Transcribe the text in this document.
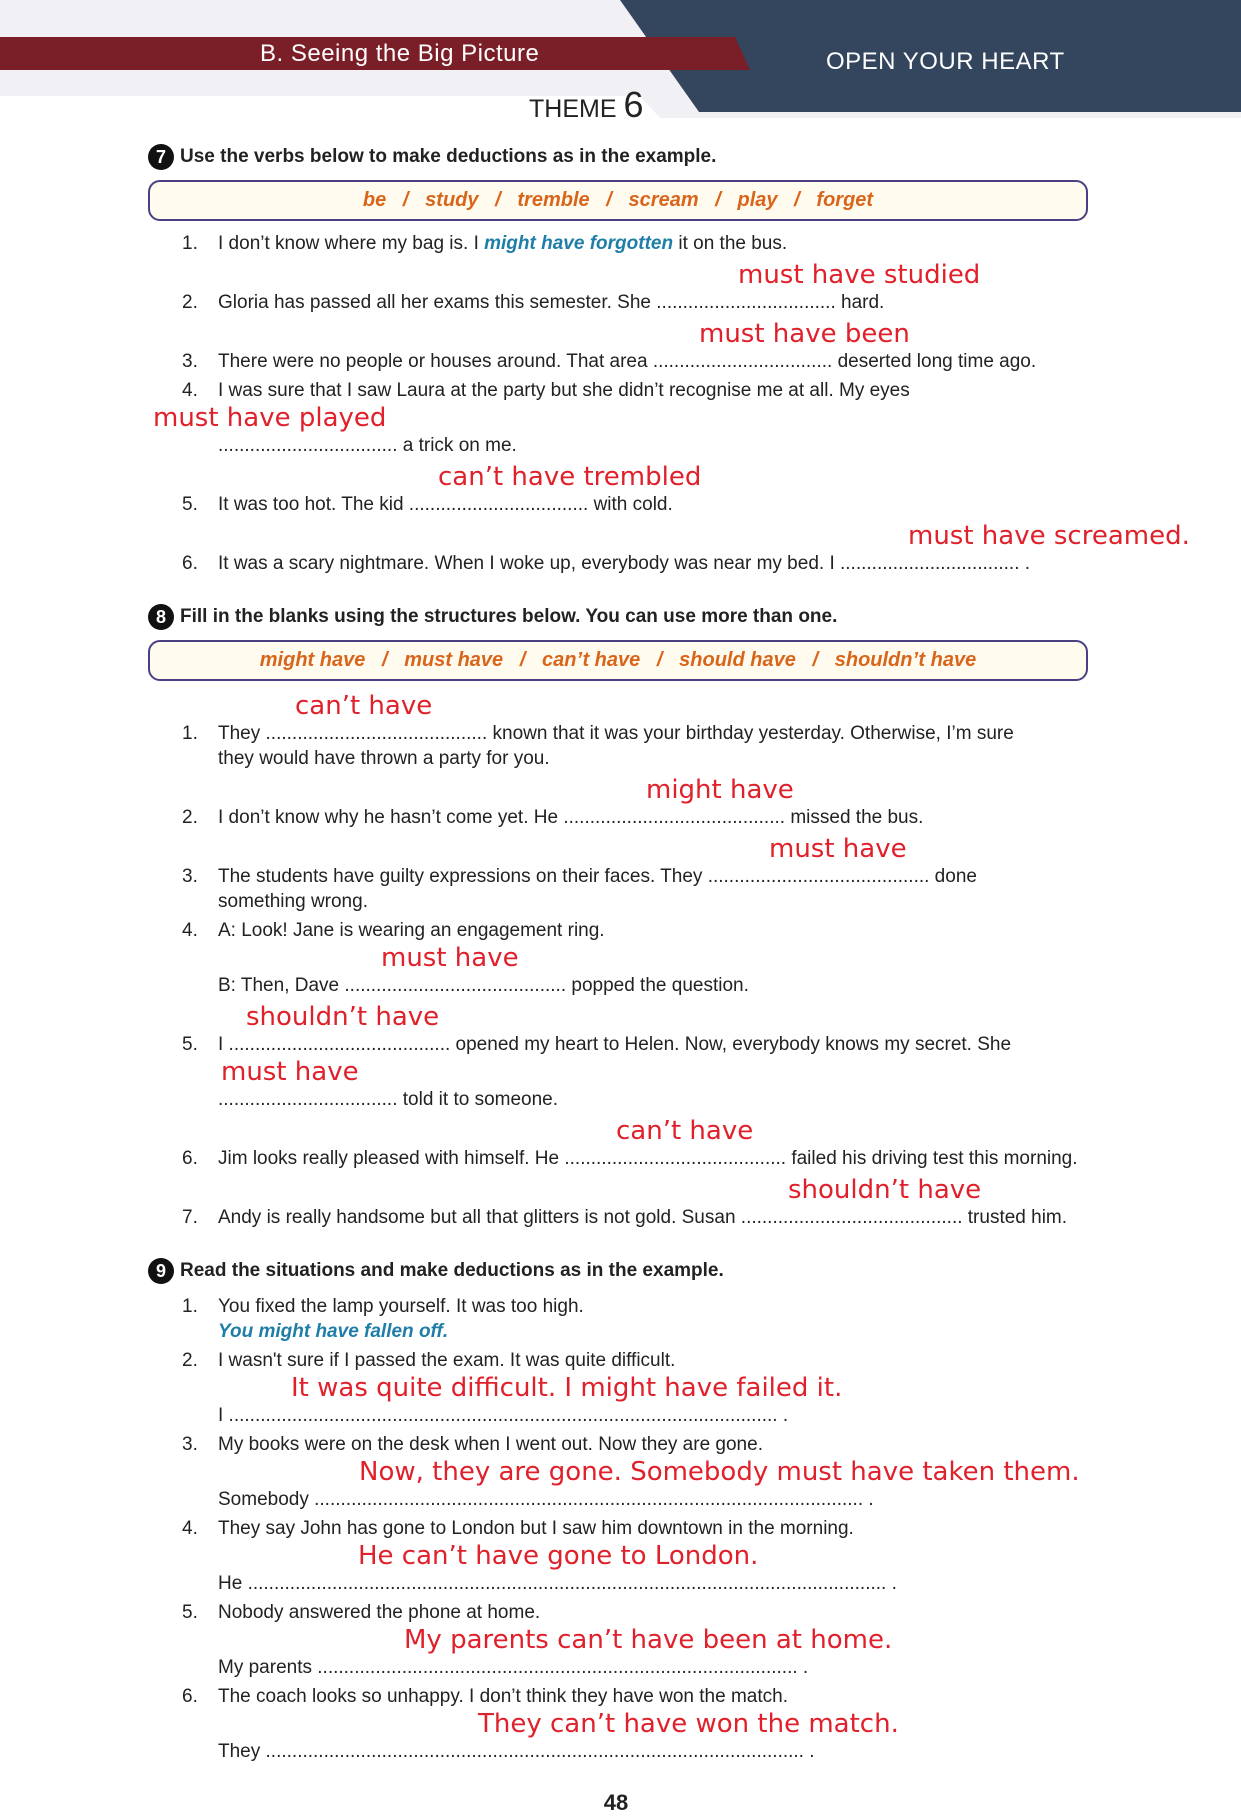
B. Seeing the Big Picture	OPEN YOUR HEART
THEME 6
7 Use the verbs below to make deductions as in the example.
be   /   study   /   tremble   /   scream   /   play   /   forget
1. I don’t know where my bag is. I might have forgotten it on the bus.
must have studied
2. Gloria has passed all her exams this semester. She .................................. hard.
must have been
3. There were no people or houses around. That area .................................. deserted long time ago.
4. I was sure that I saw Laura at the party but she didn’t recognise me at all. My eyes
must have played
.................................. a trick on me.
can’t have trembled
5. It was too hot. The kid .................................. with cold.
must have screamed.
6. It was a scary nightmare. When I woke up, everybody was near my bed. I .................................. .
8 Fill in the blanks using the structures below. You can use more than one.
might have   /   must have   /   can’t have   /   should have   /   shouldn’t have
can’t have
1. They .......................................... known that it was your birthday yesterday. Otherwise, I’m sure
they would have thrown a party for you.
might have
2. I don’t know why he hasn’t come yet. He .......................................... missed the bus.
must have
3. The students have guilty expressions on their faces. They .......................................... done
something wrong.
4. A: Look! Jane is wearing an engagement ring.
must have
B: Then, Dave .......................................... popped the question.
shouldn’t have
5. I .......................................... opened my heart to Helen. Now, everybody knows my secret. She
must have
.................................. told it to someone.
can’t have
6. Jim looks really pleased with himself. He .......................................... failed his driving test this morning.
shouldn’t have
7. Andy is really handsome but all that glitters is not gold. Susan .......................................... trusted him.
9 Read the situations and make deductions as in the example.
1. You fixed the lamp yourself. It was too high.
You might have fallen off.
2. I wasn't sure if I passed the exam. It was quite difficult.
It was quite difficult. I might have failed it.
I ........................................................................................................ .
3. My books were on the desk when I went out. Now they are gone.
Now, they are gone. Somebody must have taken them.
Somebody ........................................................................................................ .
4. They say John has gone to London but I saw him downtown in the morning.
He can’t have gone to London.
He ......................................................................................................................... .
5. Nobody answered the phone at home.
My parents can’t have been at home.
My parents ........................................................................................... .
6. The coach looks so unhappy. I don’t think they have won the match.
They can’t have won the match.
They ...................................................................................................... .
48
